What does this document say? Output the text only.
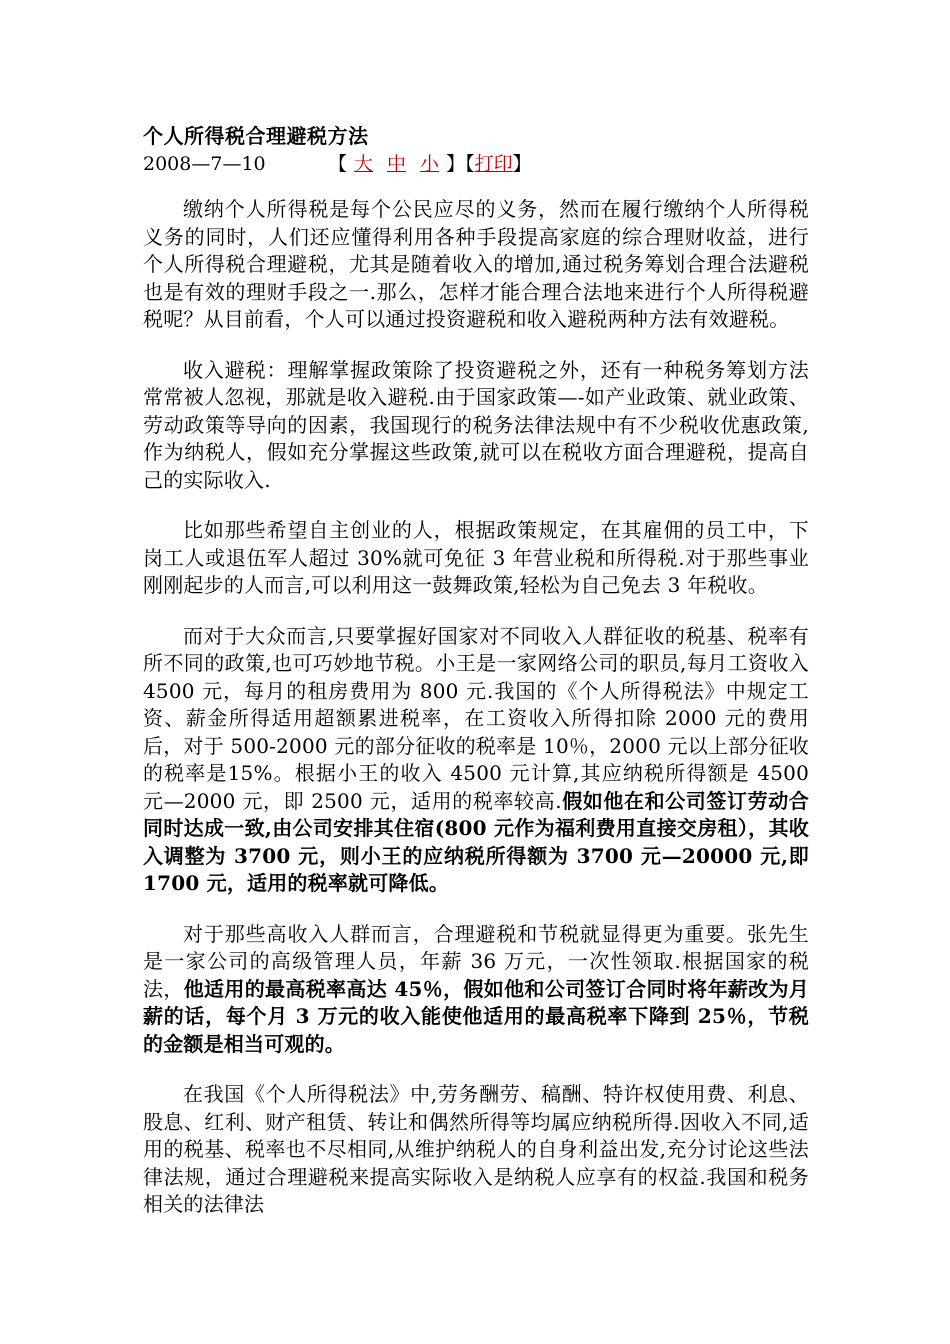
个人所得税合理避税方法
2008—7—10	【 大 中 小 】【打印】

缴纳个人所得税是每个公民应尽的义务，然而在履行缴纳个人所得税义务的同时，人们还应懂得利用各种手段提高家庭的综合理财收益，进行个人所得税合理避税，尤其是随着收入的增加,通过税务筹划合理合法避税也是有效的理财手段之一.那么，怎样才能合理合法地来进行个人所得税避税呢？从目前看，个人可以通过投资避税和收入避税两种方法有效避税。

收入避税：理解掌握政策除了投资避税之外，还有一种税务筹划方法常常被人忽视，那就是收入避税.由于国家政策—-如产业政策、就业政策、劳动政策等导向的因素，我国现行的税务法律法规中有不少税收优惠政策,作为纳税人，假如充分掌握这些政策,就可以在税收方面合理避税，提高自己的实际收入.

比如那些希望自主创业的人，根据政策规定，在其雇佣的员工中，下岗工人或退伍军人超过 30%就可免征 3 年营业税和所得税.对于那些事业刚刚起步的人而言,可以利用这一鼓舞政策,轻松为自己免去 3 年税收。

而对于大众而言,只要掌握好国家对不同收入人群征收的税基、税率有所不同的政策,也可巧妙地节税。小王是一家网络公司的职员,每月工资收入 4500 元，每月的租房费用为 800 元.我国的《个人所得税法》中规定工资、薪金所得适用超额累进税率，在工资收入所得扣除 2000 元的费用后，对于 500-2000 元的部分征收的税率是 10％，2000 元以上部分征收的税率是15%。根据小王的收入 4500 元计算,其应纳税所得额是 4500 元—2000 元，即 2500 元，适用的税率较高.假如他在和公司签订劳动合同时达成一致,由公司安排其住宿(800 元作为福利费用直接交房租），其收入调整为 3700 元，则小王的应纳税所得额为 3700 元—20000 元,即 1700 元，适用的税率就可降低。

对于那些高收入人群而言，合理避税和节税就显得更为重要。张先生是一家公司的高级管理人员，年薪 36 万元，一次性领取.根据国家的税法，他适用的最高税率高达 45％，假如他和公司签订合同时将年薪改为月薪的话，每个月 3 万元的收入能使他适用的最高税率下降到 25％，节税的金额是相当可观的。

在我国《个人所得税法》中,劳务酬劳、稿酬、特许权使用费、利息、股息、红利、财产租赁、转让和偶然所得等均属应纳税所得.因收入不同,适用的税基、税率也不尽相同,从维护纳税人的自身利益出发,充分讨论这些法律法规，通过合理避税来提高实际收入是纳税人应享有的权益.我国和税务相关的法律法
